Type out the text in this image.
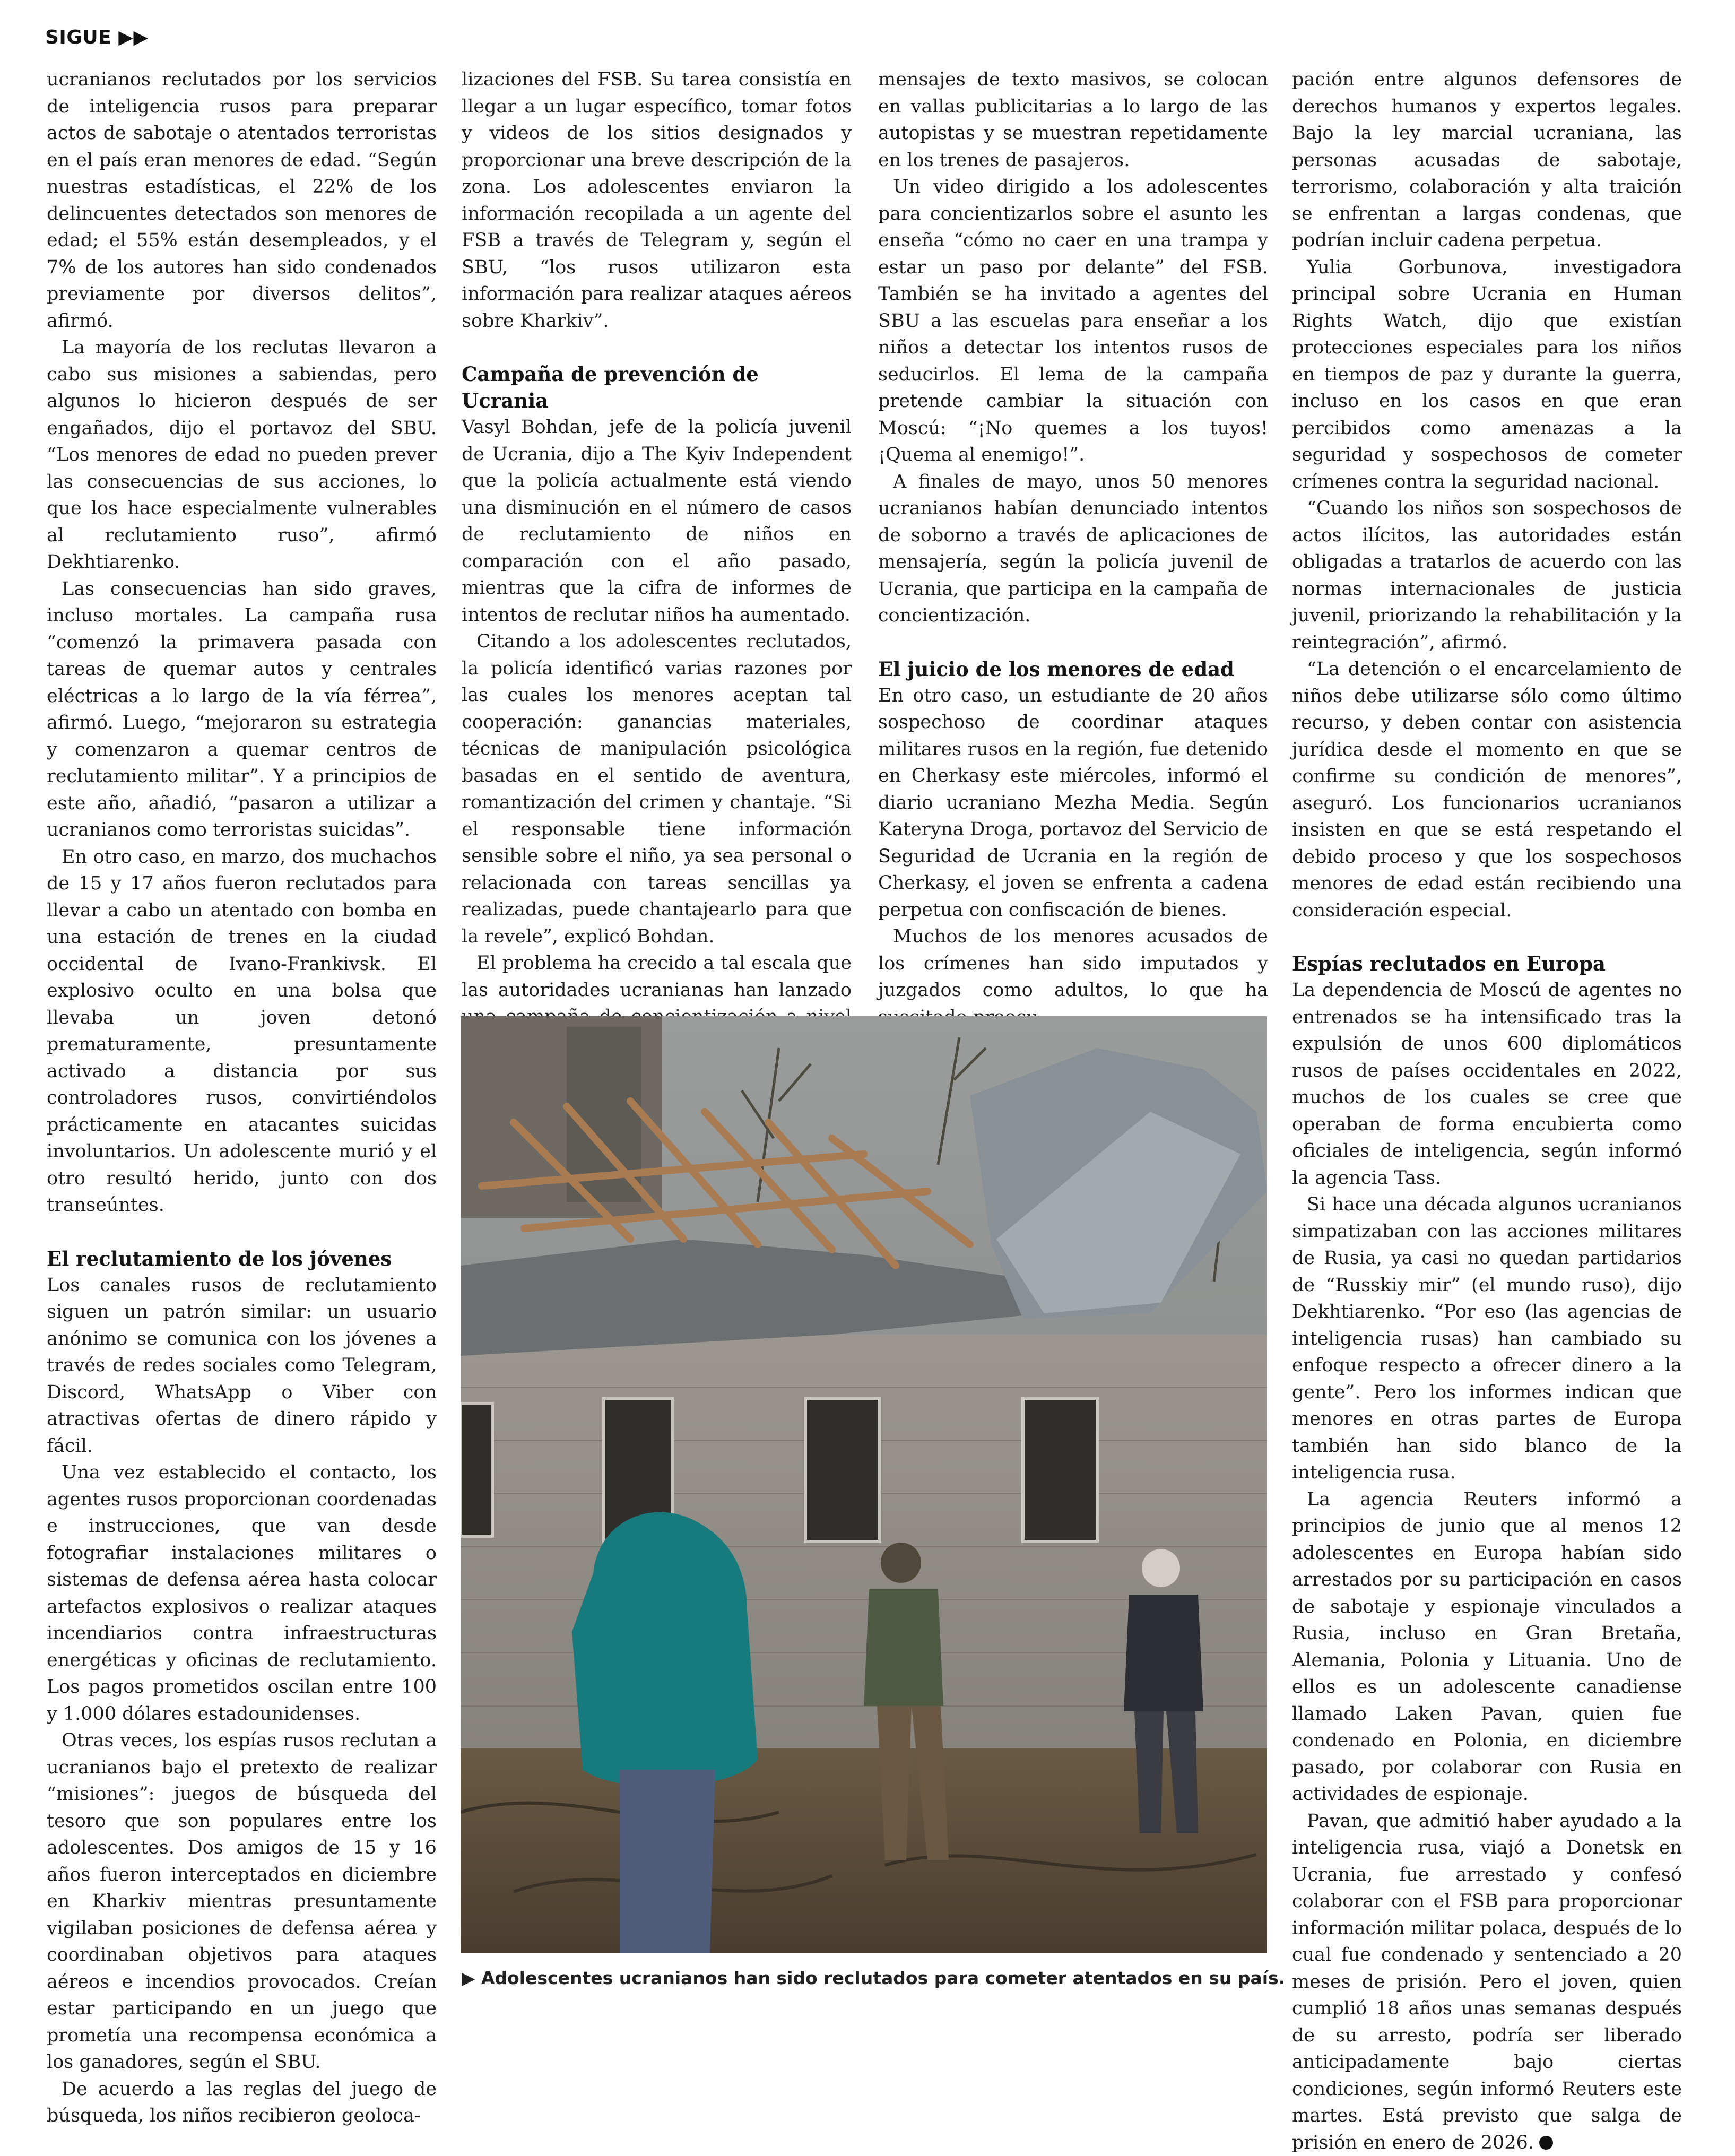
SIGUE ▶▶

ucranianos reclutados por los servicios de inteligencia rusos para preparar actos de sabotaje o atentados terroristas en el país eran menores de edad. “Según nuestras estadísticas, el 22% de los delincuentes detectados son menores de edad; el 55% están desempleados, y el 7% de los autores han sido condenados previamente por diversos delitos”, afirmó.

La mayoría de los reclutas llevaron a cabo sus misiones a sabiendas, pero algunos lo hicieron después de ser engañados, dijo el portavoz del SBU. “Los menores de edad no pueden prever las consecuencias de sus acciones, lo que los hace especialmente vulnerables al reclutamiento ruso”, afirmó Dekhtiarenko.

Las consecuencias han sido graves, incluso mortales. La campaña rusa “comenzó la primavera pasada con tareas de quemar autos y centrales eléctricas a lo largo de la vía férrea”, afirmó. Luego, “mejoraron su estrategia y comenzaron a quemar centros de reclutamiento militar”. Y a principios de este año, añadió, “pasaron a utilizar a ucranianos como terroristas suicidas”.

En otro caso, en marzo, dos muchachos de 15 y 17 años fueron reclutados para llevar a cabo un atentado con bomba en una estación de trenes en la ciudad occidental de Ivano-Frankivsk. El explosivo oculto en una bolsa que llevaba un joven detonó prematuramente, presuntamente activado a distancia por sus controladores rusos, convirtiéndolos prácticamente en atacantes suicidas involuntarios. Un adolescente murió y el otro resultó herido, junto con dos transeúntes.

El reclutamiento de los jóvenes

Los canales rusos de reclutamiento siguen un patrón similar: un usuario anónimo se comunica con los jóvenes a través de redes sociales como Telegram, Discord, WhatsApp o Viber con atractivas ofertas de dinero rápido y fácil.

Una vez establecido el contacto, los agentes rusos proporcionan coordenadas e instrucciones, que van desde fotografiar instalaciones militares o sistemas de defensa aérea hasta colocar artefactos explosivos o realizar ataques incendiarios contra infraestructuras energéticas y oficinas de reclutamiento. Los pagos prometidos oscilan entre 100 y 1.000 dólares estadounidenses.

Otras veces, los espías rusos reclutan a ucranianos bajo el pretexto de realizar “misiones”: juegos de búsqueda del tesoro que son populares entre los adolescentes. Dos amigos de 15 y 16 años fueron interceptados en diciembre en Kharkiv mientras presuntamente vigilaban posiciones de defensa aérea y coordinaban objetivos para ataques aéreos e incendios provocados. Creían estar participando en un juego que prometía una recompensa económica a los ganadores, según el SBU.

De acuerdo a las reglas del juego de búsqueda, los niños recibieron geoloca-

lizaciones del FSB. Su tarea consistía en llegar a un lugar específico, tomar fotos y videos de los sitios designados y proporcionar una breve descripción de la zona. Los adolescentes enviaron la información recopilada a un agente del FSB a través de Telegram y, según el SBU, “los rusos utilizaron esta información para realizar ataques aéreos sobre Kharkiv”.

Campaña de prevención de Ucrania

Vasyl Bohdan, jefe de la policía juvenil de Ucrania, dijo a The Kyiv Independent que la policía actualmente está viendo una disminución en el número de casos de reclutamiento de niños en comparación con el año pasado, mientras que la cifra de informes de intentos de reclutar niños ha aumentado.

Citando a los adolescentes reclutados, la policía identificó varias razones por las cuales los menores aceptan tal cooperación: ganancias materiales, técnicas de manipulación psicológica basadas en el sentido de aventura, romantización del crimen y chantaje. “Si el responsable tiene información sensible sobre el niño, ya sea personal o relacionada con tareas sencillas ya realizadas, puede chantajearlo para que la revele”, explicó Bohdan.

El problema ha crecido a tal escala que las autoridades ucranianas han lanzado

mensajes de texto masivos, se colocan en vallas publicitarias a lo largo de las autopistas y se muestran repetidamente en los trenes de pasajeros.

Un video dirigido a los adolescentes para concientizarlos sobre el asunto les enseña “cómo no caer en una trampa y estar un paso por delante” del FSB. También se ha invitado a agentes del SBU a las escuelas para enseñar a los niños a detectar los intentos rusos de seducirlos. El lema de la campaña pretende cambiar la situación con Moscú: “¡No quemes a los tuyos! ¡Quema al enemigo!”.

A finales de mayo, unos 50 menores ucranianos habían denunciado intentos de soborno a través de aplicaciones de mensajería, según la policía juvenil de Ucrania, que participa en la campaña de concientización.

El juicio de los menores de edad

En otro caso, un estudiante de 20 años sospechoso de coordinar ataques militares rusos en la región, fue detenido en Cherkasy este miércoles, informó el diario ucraniano Mezha Media. Según Kateryna Droga, portavoz del Servicio de Seguridad de Ucrania en la región de Cherkasy, el joven se enfrenta a cadena perpetua con confiscación de bienes.

Muchos de los menores acusados de los crímenes han sido imputados y juzgados como adultos, lo que ha

pación entre algunos defensores de derechos humanos y expertos legales. Bajo la ley marcial ucraniana, las personas acusadas de sabotaje, terrorismo, colaboración y alta traición se enfrentan a largas condenas, que podrían incluir cadena perpetua.

Yulia Gorbunova, investigadora principal sobre Ucrania en Human Rights Watch, dijo que existían protecciones especiales para los niños en tiempos de paz y durante la guerra, incluso en los casos en que eran percibidos como amenazas a la seguridad y sospechosos de cometer crímenes contra la seguridad nacional.

“Cuando los niños son sospechosos de actos ilícitos, las autoridades están obligadas a tratarlos de acuerdo con las normas internacionales de justicia juvenil, priorizando la rehabilitación y la reintegración”, afirmó.

“La detención o el encarcelamiento de niños debe utilizarse sólo como último recurso, y deben contar con asistencia jurídica desde el momento en que se confirme su condición de menores”, aseguró. Los funcionarios ucranianos insisten en que se está respetando el debido proceso y que los sospechosos menores de edad están recibiendo una consideración especial.

Espías reclutados en Europa

La dependencia de Moscú de agentes no entrenados se ha intensificado tras la expulsión de unos 600 diplomáticos rusos de países occidentales en 2022, muchos de los cuales se cree que operaban de forma encubierta como oficiales de inteligencia, según informó la agencia Tass.

Si hace una década algunos ucranianos simpatizaban con las acciones militares de Rusia, ya casi no quedan partidarios de “Russkiy mir” (el mundo ruso), dijo Dekhtiarenko. “Por eso (las agencias de inteligencia rusas) han cambiado su enfoque respecto a ofrecer dinero a la gente”. Pero los informes indican que menores en otras partes de Europa también han sido blanco de la inteligencia rusa.

La agencia Reuters informó a principios de junio que al menos 12 adolescentes en Europa habían sido arrestados por su participación en casos de sabotaje y espionaje vinculados a Rusia, incluso en Gran Bretaña, Alemania, Polonia y Lituania. Uno de ellos es un adolescente canadiense llamado Laken Pavan, quien fue condenado en Polonia, en diciembre pasado, por colaborar con Rusia en actividades de espionaje.

Pavan, que admitió haber ayudado a la inteligencia rusa, viajó a Donetsk en Ucrania, fue arrestado y confesó colaborar con el FSB para proporcionar información militar polaca, después de lo cual fue condenado y sentenciado a 20 meses de prisión. Pero el joven, quien cumplió 18 años unas semanas después de su arresto, podría ser liberado anticipadamente bajo ciertas condiciones, según informó Reuters este martes. Está previsto que salga de prisión en enero de 2026.

▶ Adolescentes ucranianos han sido reclutados para cometer atentados en su país.
